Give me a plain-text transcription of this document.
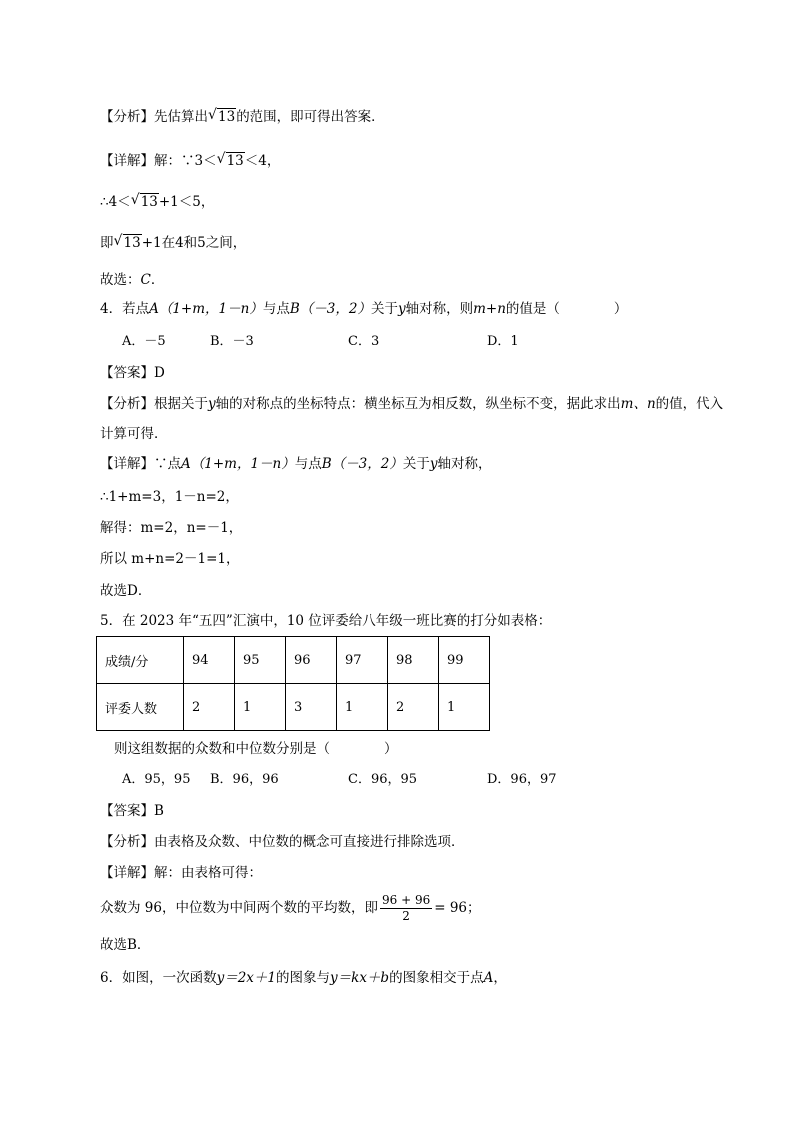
【分析】先估算出 √ 13的范围，即可得出答案．
【详解】解：∵3＜ √ 13＜4，
∴4＜ √ 13+1＜5，
即 √ 13+1在4和5之间，
故选：C．
4．若点A（1+m，1－n）与点B（－3，2）关于y轴对称，则m+n的值是（　　　　）
A．－5	B．－3	C．3	D．1
【答案】D
【分析】根据关于y轴的对称点的坐标特点：横坐标互为相反数，纵坐标不变，据此求出m、n的值，代入
计算可得．
【详解】∵点A（1+m，1－n）与点B（－3，2）关于y轴对称，
∴1+m=3，1－n=2，
解得：m=2，n=－1，
所以 m+n=2－1=1，
故选D．
5．在 2023 年“五四”汇演中，10 位评委给八年级一班比赛的打分如表格：
成绩/分	94	95	96	97	98	99
评委人数	2	1	3	1	2	1
则这组数据的众数和中位数分别是（　　　　）
A．95，95 B．96，96	C．96，95	D．96，97
【答案】B
【分析】由表格及众数、中位数的概念可直接进行排除选项．
【详解】解：由表格可得：
众数为 96，中位数为中间两个数的平均数，即 $\frac{96 + 96}{2} = 96$；
故选B．
6．如图，一次函数y＝2x＋1的图象与y＝kx＋b的图象相交于点A，
